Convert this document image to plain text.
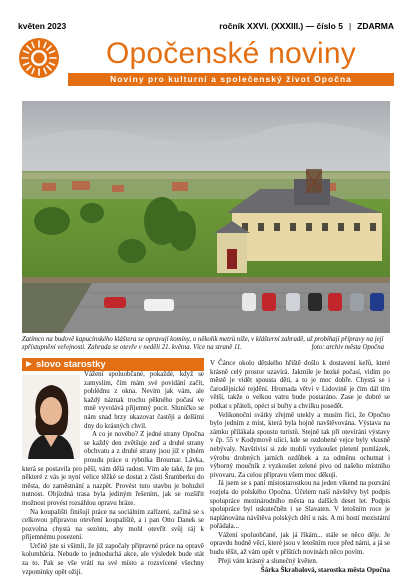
květen 2023	ročník XXVI. (XXXIII.) — číslo 5 | ZDARMA
Opočenské noviny
Noviny pro kulturní a společenský život Opočna
Zatímco na budově kapucínského kláštera se opravují komíny, o několik metrů níže, v klášterní zahradě, už probíhají přípravy na její zpřístupnění veřejnosti. Zahrada se otevře v neděli 21. května. Více na straně 11.	foto: archiv města Opočna
slovo starostky

Vážení spoluobčané, pokaždé, když se zamyslím, čím mám své povídání začít, pohlédnu z okna. Nevím jak vám, ale každý náznak trochu pěkného počasí ve mně vyvolává příjemný pocit. Sluníčko se nám snad brzy ukazovat častěji a delšími dny do krásných chvil.

A co je nového? Z jedné strany Opočna se každý den zvětšuje zeď a druhé strany obchvatu a z druhé strany jsou již v plném proudu práce u rybníka Broumar. Lávka, která se postavila pro pěší, vám dělá radost. Vím ale také, že pro některé z vás je nyní velice těžké se dostat z části Šramberku do města, do zaměstnání a nazpět. Provést tuto stavbu je bohužel nutnost. Objízdná trasa byla jediným řešením, jak se rozšířit možnost provést rozsáhlou opravu hráze.

Na koupališti finišují práce na sociálním zařízení, začíná se s celkovou přípravou otevření koupaliště, a i pan Otto Danek se pozvolna chystá na sezónu, aby mohl otevřít svůj ráj k příjemnému posezení.

Určitě jste si všimli, že již započaly přípravné práce na opravě kolumbária. Nebude to jednoduchá akce, ale výsledek bude stát za to. Pak se vše vrátí na své místo a rozsvícené všechny vzpomínky opět ožijí.

V Čánce okolo dětského hřiště došlo k dostavení keřů, které krásně celý prostor uzavírá. Jakmile je hezké počasí, vidím po městě je vidět spousta dětí, a to je moc dobře. Chystá se i čarodějnické rejdění. Hromada větví v Lidovině je čím dál tím větší, takže o velkou vatru bude postaráno. Zase je dobré se potkat s přáteli, opéct si buřty a chvilku posedět.

Velikonoční svátky zřejmě utekly a musím říci, že Opočno bylo jedním z míst, která byla hojně navštěvována. Výstava na zámku přilákala spoustu turistů. Stejně tak při otevírání výstavy v čp. 55 v Kodymově ulici, kde se ozdobené vejce byly vkusně nebývaly. Navštívisi si zde mohli vyzkoušet pletení pomlázek, výrobu drobných jarních ozdůbek a za odměnu ochutnat i výborný moučník z vyzkoušet zelené pivo od našeho místního pivovaru. Za celou přípravu všem moc děkuji.

Já jsem se s paní místostarostkou na jeden víkend na pozvání rozjela do polského Opočna. Účelem naší návštěvy byl podpis spolupráce mezinárodního města na dalších deset let. Podpis spolupráce byl uskutečněn i se Slavaten. V letošním roce je naplánována návštěva polských dětí u nás. A mi hostí mezistátní pořádala...

Vážení spoluobčané, jak já říkám... stále se něco děje. Je opravdu hodně věcí, které jsou v letošním roce před námi, a já se budu těšit, až vám opět v příštích novinách něco povím.

Přeji vám krásný a slunečný květen.

Šárka Škrabalová, starostka města Opočna
